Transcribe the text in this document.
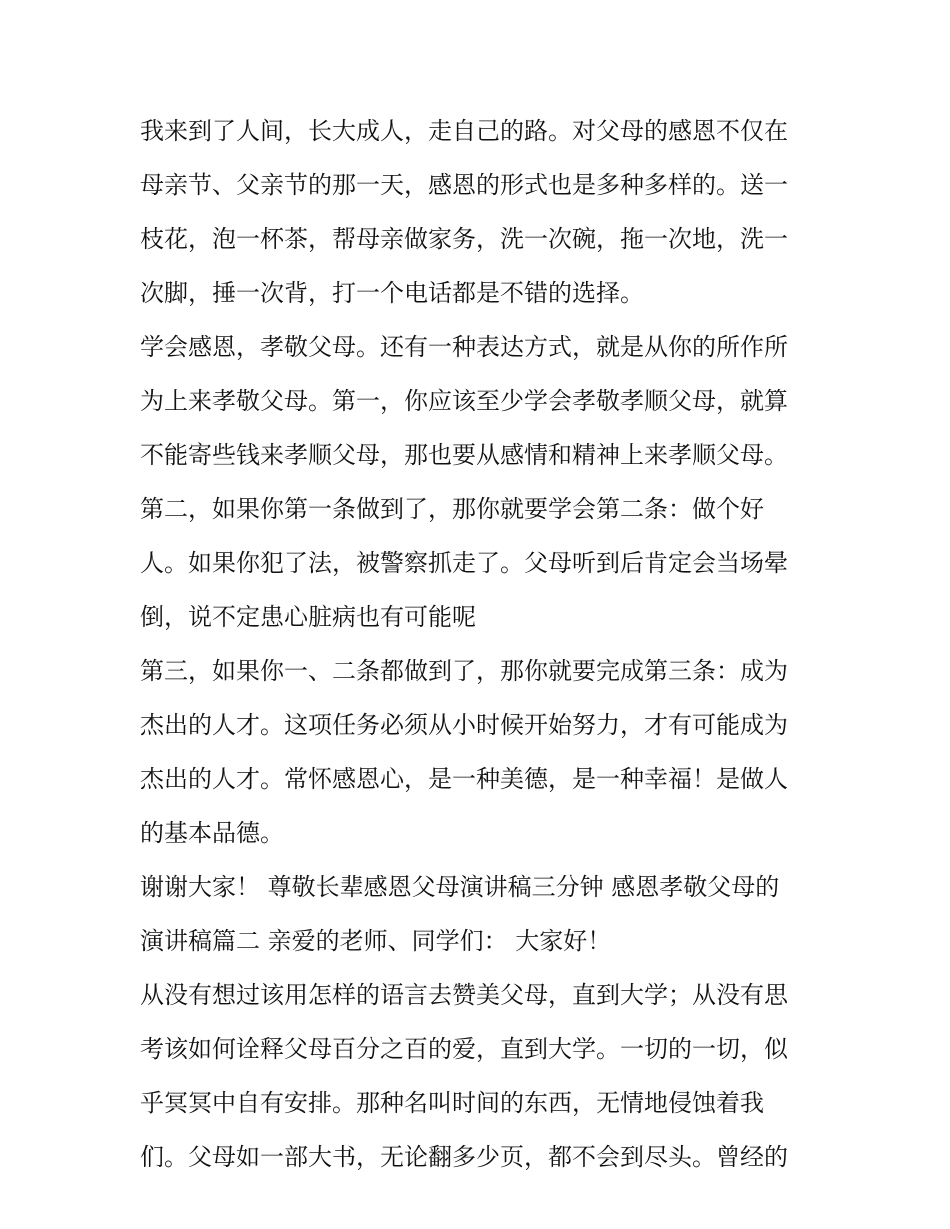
我来到了人间，长大成人，走自己的路。对父母的感恩不仅在
母亲节、父亲节的那一天，感恩的形式也是多种多样的。送一
枝花，泡一杯茶，帮母亲做家务，洗一次碗，拖一次地，洗一
次脚，捶一次背，打一个电话都是不错的选择。
学会感恩，孝敬父母。还有一种表达方式，就是从你的所作所
为上来孝敬父母。第一，你应该至少学会孝敬孝顺父母，就算
不能寄些钱来孝顺父母，那也要从感情和精神上来孝顺父母。
第二，如果你第一条做到了，那你就要学会第二条：做个好
人。如果你犯了法，被警察抓走了。父母听到后肯定会当场晕
倒，说不定患心脏病也有可能呢
第三，如果你一、二条都做到了，那你就要完成第三条：成为
杰出的人才。这项任务必须从小时候开始努力，才有可能成为
杰出的人才。常怀感恩心，是一种美德，是一种幸福！是做人
的基本品德。
谢谢大家！ 尊敬长辈感恩父母演讲稿三分钟 感恩孝敬父母的
演讲稿篇二 亲爱的老师、同学们： 大家好！
从没有想过该用怎样的语言去赞美父母，直到大学；从没有思
考该如何诠释父母百分之百的爱，直到大学。一切的一切，似
乎冥冥中自有安排。那种名叫时间的东西，无情地侵蚀着我
们。父母如一部大书，无论翻多少页，都不会到尽头。曾经的
